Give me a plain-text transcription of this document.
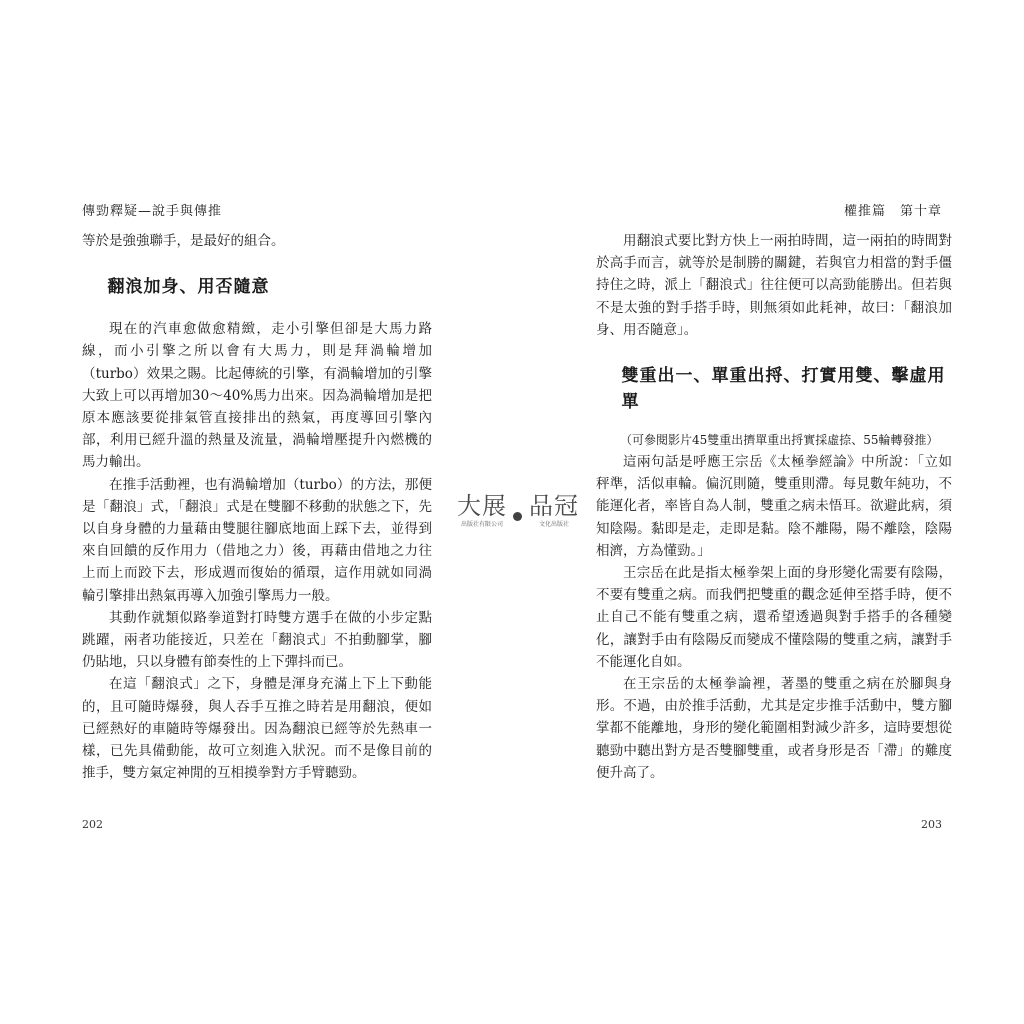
傳勁釋疑—說手與傳推

等於是強強聯手，是最好的組合。

翻浪加身、用否隨意

現在的汽車愈做愈精緻，走小引擎但卻是大馬力路線，而小引擎之所以會有大馬力，則是拜渦輪增加（turbo）效果之賜。比起傳統的引擎，有渦輪增加的引擎大致上可以再增加30～40%馬力出來。因為渦輪增加是把原本應該要從排氣管直接排出的熱氣，再度導回引擎內部，利用已經升溫的熱量及流量，渦輪增壓提升內燃機的馬力輸出。

在推手活動裡，也有渦輪增加（turbo）的方法，那便是「翻浪」式，「翻浪」式是在雙腳不移動的狀態之下，先以自身身體的力量藉由雙腿往腳底地面上踩下去，並得到來自回饋的反作用力（借地之力）後，再藉由借地之力往上而上而跤下去，形成週而復始的循環，這作用就如同渦輪引擎排出熱氣再導入加強引擎馬力一般。

其動作就類似路拳道對打時雙方選手在做的小步定點跳躍，兩者功能接近，只差在「翻浪式」不拍動腳掌，腳仍貼地，只以身體有節奏性的上下彈抖而已。

在這「翻浪式」之下，身體是渾身充滿上下上下動能的，且可隨時爆發，與人吞手互推之時若是用翻浪，便如已經熱好的車隨時等爆發出。因為翻浪已經等於先熱車一樣，已先具備動能，故可立刻進入狀況。而不是像目前的推手，雙方氣定神閒的互相摸拳對方手臂聽勁。

202
權推篇　第十章

用翻浪式要比對方快上一兩拍時間，這一兩拍的時間對於高手而言，就等於是制勝的關鍵，若與官力相當的對手僵持住之時，派上「翻浪式」往往便可以高勁能勝出。但若與不是太強的對手搭手時，則無須如此耗神，故曰：「翻浪加身、用否隨意」。

雙重出一、單重出捋、打實用雙、擊虛用單

（可參閱影片45雙重出擠單重出捋實採虛捺、55輪轉發推）

這兩句話是呼應王宗岳《太極拳經論》中所說：「立如秤準，活似車輪。偏沉則隨，雙重則滯。每見數年純功，不能運化者，率皆自為人制，雙重之病未悟耳。欲避此病，須知陰陽。黏即是走，走即是黏。陰不離陽，陽不離陰，陰陽相濟，方為懂勁。」

王宗岳在此是指太極拳架上面的身形變化需要有陰陽，不要有雙重之病。而我們把雙重的觀念延伸至搭手時，便不止自己不能有雙重之病，還希望透過與對手搭手的各種變化，讓對手由有陰陽反而變成不懂陰陽的雙重之病，讓對手不能運化自如。

在王宗岳的太極拳論裡，著墨的雙重之病在於腳與身形。不過，由於推手活動，尤其是定步推手活動中，雙方腳掌都不能離地，身形的變化範圍相對減少許多，這時要想從聽勁中聽出對方是否雙腳雙重，或者身形是否「滯」的難度便升高了。

203
大展
出版社有限公司
品冠
文化出版社
